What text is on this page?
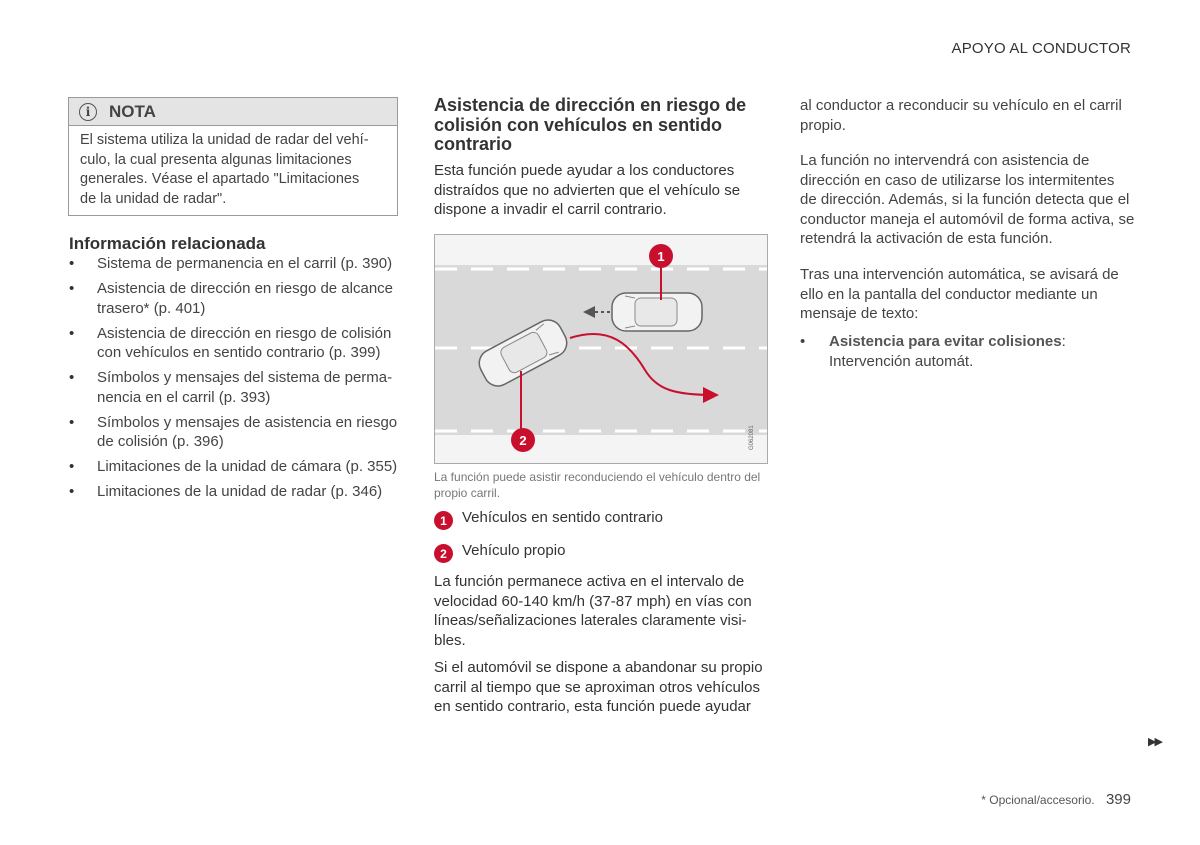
APOYO AL CONDUCTOR
i	NOTA
El sistema utiliza la unidad de radar del vehí-
culo, la cual presenta algunas limitaciones
generales. Véase el apartado "Limitaciones
de la unidad de radar".
Información relacionada
• Sistema de permanencia en el carril (p. 390)
• Asistencia de dirección en riesgo de alcance trasero* (p. 401)
• Asistencia de dirección en riesgo de colisión con vehículos en sentido contrario (p. 399)
• Símbolos y mensajes del sistema de perma-nencia en el carril (p. 393)
• Símbolos y mensajes de asistencia en riesgo de colisión (p. 396)
• Limitaciones de la unidad de cámara (p. 355)
• Limitaciones de la unidad de radar (p. 346)
Asistencia de dirección en riesgo de colisión con vehículos en sentido contrario
Esta función puede ayudar a los conductores distraídos que no advierten que el vehículo se dispone a invadir el carril contrario.
1
2	G062081
La función puede asistir reconduciendo el vehículo dentro del propio carril.
1	Vehículos en sentido contrario
2	Vehículo propio
La función permanece activa en el intervalo de velocidad 60-140 km/h (37-87 mph) en vías con líneas/señalizaciones laterales claramente visi-bles.
Si el automóvil se dispone a abandonar su propio carril al tiempo que se aproximan otros vehículos en sentido contrario, esta función puede ayudar
al conductor a reconducir su vehículo en el carril propio.
La función no intervendrá con asistencia de dirección en caso de utilizarse los intermitentes de dirección. Además, si la función detecta que el conductor maneja el automóvil de forma activa, se retendrá la activación de esta función.
Tras una intervención automática, se avisará de ello en la pantalla del conductor mediante un mensaje de texto:
•	Asistencia para evitar colisiones: Intervención automát.
▶▶
* Opcional/accesorio. 399
